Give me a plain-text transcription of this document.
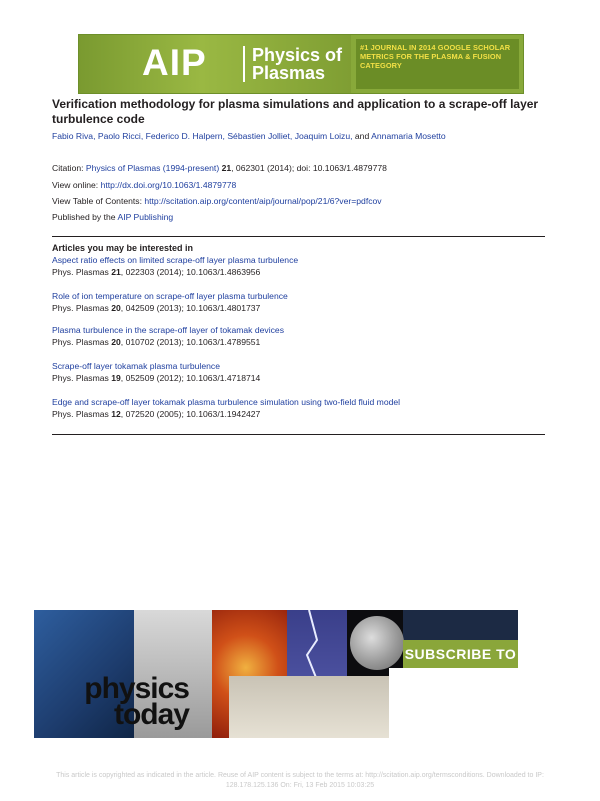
AIP	Physics of Plasmas
#1 JOURNAL IN 2014 GOOGLE SCHOLAR METRICS FOR THE PLASMA & FUSION CATEGORY
Verification methodology for plasma simulations and application to a scrape-off layer turbulence code
Fabio Riva, Paolo Ricci, Federico D. Halpern, Sébastien Jolliet, Joaquim Loizu, and Annamaria Mosetto
Citation: Physics of Plasmas (1994-present) 21, 062301 (2014); doi: 10.1063/1.4879778
View online: http://dx.doi.org/10.1063/1.4879778
View Table of Contents: http://scitation.aip.org/content/aip/journal/pop/21/6?ver=pdfcov
Published by the AIP Publishing
Articles you may be interested in
Aspect ratio effects on limited scrape-off layer plasma turbulence
Phys. Plasmas 21, 022303 (2014); 10.1063/1.4863956
Role of ion temperature on scrape-off layer plasma turbulence
Phys. Plasmas 20, 042509 (2013); 10.1063/1.4801737
Plasma turbulence in the scrape-off layer of tokamak devices
Phys. Plasmas 20, 010702 (2013); 10.1063/1.4789551
Scrape-off layer tokamak plasma turbulence
Phys. Plasmas 19, 052509 (2012); 10.1063/1.4718714
Edge and scrape-off layer tokamak plasma turbulence simulation using two-field fluid model
Phys. Plasmas 12, 072520 (2005); 10.1063/1.1942427
SUBSCRIBE TO
physics
today
This article is copyrighted as indicated in the article. Reuse of AIP content is subject to the terms at: http://scitation.aip.org/termsconditions. Downloaded to IP:
128.178.125.136 On: Fri, 13 Feb 2015 10:03:25
